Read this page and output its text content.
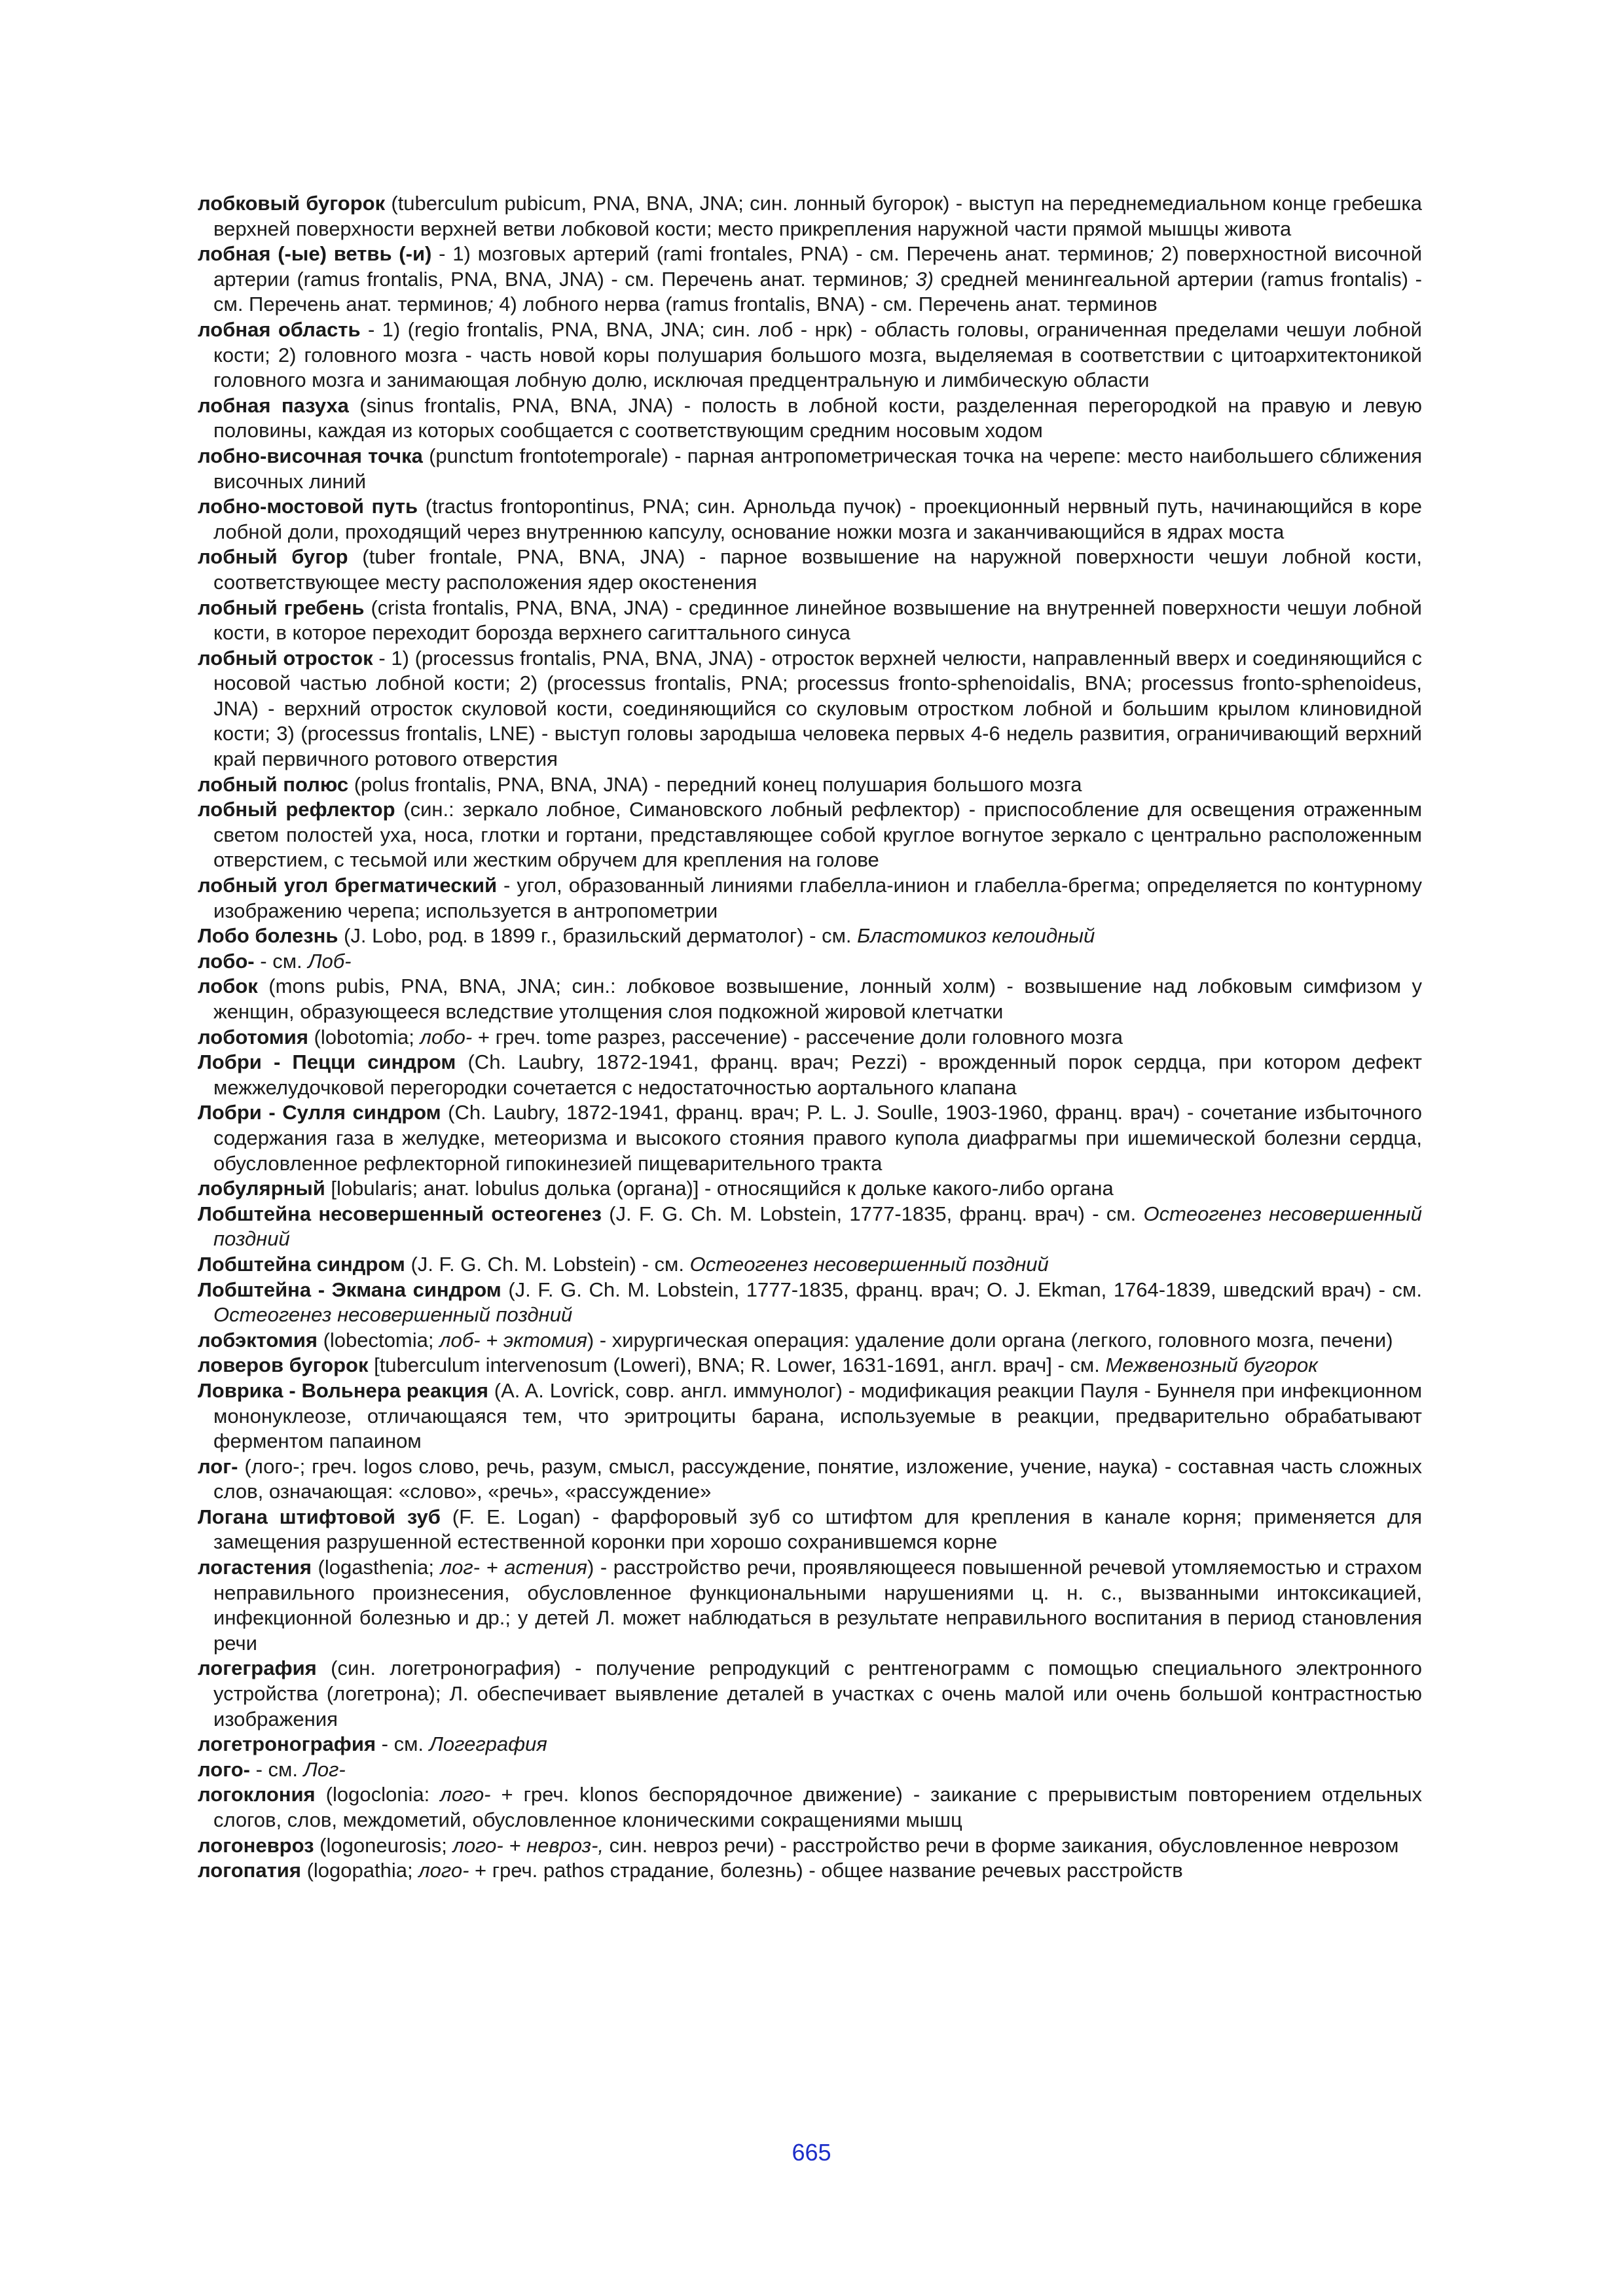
лобковый бугорок (tuberculum pubicum, PNA, BNA, JNA; син. лонный бугорок) - выступ на переднемедиальном конце гребешка верхней поверхности верхней ветви лобковой кости; место прикрепления наружной части прямой мышцы живота

лобная (-ые) ветвь (-и) - 1) мозговых артерий (rami frontales, PNA) - см. Перечень анат. терминов; 2) поверхностной височной артерии (ramus frontalis, PNA, BNA, JNA) - см. Перечень анат. терминов; 3) средней менингеальной артерии (ramus frontalis) - см. Перечень анат. терминов; 4) лобного нерва (ramus frontalis, BNA) - см. Перечень анат. терминов

лобная область - 1) (regio frontalis, PNA, BNA, JNA; син. лоб - нрк) - область головы, ограниченная пределами чешуи лобной кости; 2) головного мозга - часть новой коры полушария большого мозга, выделяемая в соответствии с цитоархитектоникой головного мозга и занимающая лобную долю, исключая предцентральную и лимбическую области

лобная пазуха (sinus frontalis, PNA, BNA, JNA) - полость в лобной кости, разделенная перегородкой на правую и левую половины, каждая из которых сообщается с соответствующим средним носовым ходом

лобно-височная точка (punctum frontotemporale) - парная антропометрическая точка на черепе: место наибольшего сближения височных линий

лобно-мостовой путь (tractus frontopontinus, PNA; син. Арнольда пучок) - проекционный нервный путь, начинающийся в коре лобной доли, проходящий через внутреннюю капсулу, основание ножки мозга и заканчивающийся в ядрах моста

лобный бугор (tuber frontale, PNA, BNA, JNA) - парное возвышение на наружной поверхности чешуи лобной кости, соответствующее месту расположения ядер окостенения

лобный гребень (crista frontalis, PNA, BNA, JNA) - срединное линейное возвышение на внутренней поверхности чешуи лобной кости, в которое переходит борозда верхнего сагиттального синуса

лобный отросток - 1) (processus frontalis, PNA, BNA, JNA) - отросток верхней челюсти, направленный вверх и соединяющийся с носовой частью лобной кости; 2) (processus frontalis, PNA; processus fronto-sphenoidalis, BNA; processus fronto-sphenoideus, JNA) - верхний отросток скуловой кости, соединяющийся со скуловым отростком лобной и большим крылом клиновидной кости; 3) (processus frontalis, LNE) - выступ головы зародыша человека первых 4-6 недель развития, ограничивающий верхний край первичного ротового отверстия

лобный полюс (polus frontalis, PNA, BNA, JNA) - передний конец полушария большого мозга

лобный рефлектор (син.: зеркало лобное, Симановского лобный рефлектор) - приспособление для освещения отраженным светом полостей уха, носа, глотки и гортани, представляющее собой круглое вогнутое зеркало с центрально расположенным отверстием, с тесьмой или жестким обручем для крепления на голове

лобный угол брегматический - угол, образованный линиями глабелла-инион и глабелла-брегма; определяется по контурному изображению черепа; используется в антропометрии

Лобо болезнь (J. Lobo, род. в 1899 г., бразильский дерматолог) - см. Бластомикоз келоидный

лобо- - см. Лоб-

лобок (mons pubis, PNA, BNA, JNA; син.: лобковое возвышение, лонный холм) - возвышение над лобковым симфизом у женщин, образующееся вследствие утолщения слоя подкожной жировой клетчатки

лоботомия (lobotomia; лобо- + греч. tome разрез, рассечение) - рассечение доли головного мозга

Лобри - Пецци синдром (Ch. Laubry, 1872-1941, франц. врач; Pezzi) - врожденный порок сердца, при котором дефект межжелудочковой перегородки сочетается с недостаточностью аортального клапана

Лобри - Сулля синдром (Ch. Laubry, 1872-1941, франц. врач; P. L. J. Soulle, 1903-1960, франц. врач) - сочетание избыточного содержания газа в желудке, метеоризма и высокого стояния правого купола диафрагмы при ишемической болезни сердца, обусловленное рефлекторной гипокинезией пищеварительного тракта

лобулярный [lobularis; анат. lobulus долька (органа)] - относящийся к дольке какого-либо органа

Лобштейна несовершенный остеогенез (J. F. G. Ch. M. Lobstein, 1777-1835, франц. врач) - см. Остеогенез несовершенный поздний

Лобштейна синдром (J. F. G. Ch. M. Lobstein) - см. Остеогенез несовершенный поздний

Лобштейна - Экмана синдром (J. F. G. Ch. M. Lobstein, 1777-1835, франц. врач; O. J. Ekman, 1764-1839, шведский врач) - см. Остеогенез несовершенный поздний

лобэктомия (lobectomia; лоб- + эктомия) - хирургическая операция: удаление доли органа (легкого, головного мозга, печени)

ловеров бугорок [tuberculum intervenosum (Loweri), BNA; R. Lower, 1631-1691, англ. врач] - см. Межвенозный бугорок

Ловрика - Вольнера реакция (A. A. Lovrick, совр. англ. иммунолог) - модификация реакции Пауля - Буннеля при инфекционном мононуклеозе, отличающаяся тем, что эритроциты барана, используемые в реакции, предварительно обрабатывают ферментом папаином

лог- (лого-; греч. logos слово, речь, разум, смысл, рассуждение, понятие, изложение, учение, наука) - составная часть сложных слов, означающая: «слово», «речь», «рассуждение»

Логана штифтовой зуб (F. E. Logan) - фарфоровый зуб со штифтом для крепления в канале корня; применяется для замещения разрушенной естественной коронки при хорошо сохранившемся корне

логастения (logasthenia; лог- + астения) - расстройство речи, проявляющееся повышенной речевой утомляемостью и страхом неправильного произнесения, обусловленное функциональными нарушениями ц. н. с., вызванными интоксикацией, инфекционной болезнью и др.; у детей Л. может наблюдаться в результате неправильного воспитания в период становления речи

логеграфия (син. логетронография) - получение репродукций с рентгенограмм с помощью специального электронного устройства (логетрона); Л. обеспечивает выявление деталей в участках с очень малой или очень большой контрастностью изображения

логетронография - см. Логеграфия

лого- - см. Лог-

логоклония (logoclonia: лого- + греч. klonos беспорядочное движение) - заикание с прерывистым повторением отдельных слогов, слов, междометий, обусловленное клоническими сокращениями мышц

логоневроз (logoneurosis; лого- + невроз-, син. невроз речи) - расстройство речи в форме заикания, обусловленное неврозом

логопатия (logopathia; лого- + греч. pathos страдание, болезнь) - общее название речевых расстройств

665
